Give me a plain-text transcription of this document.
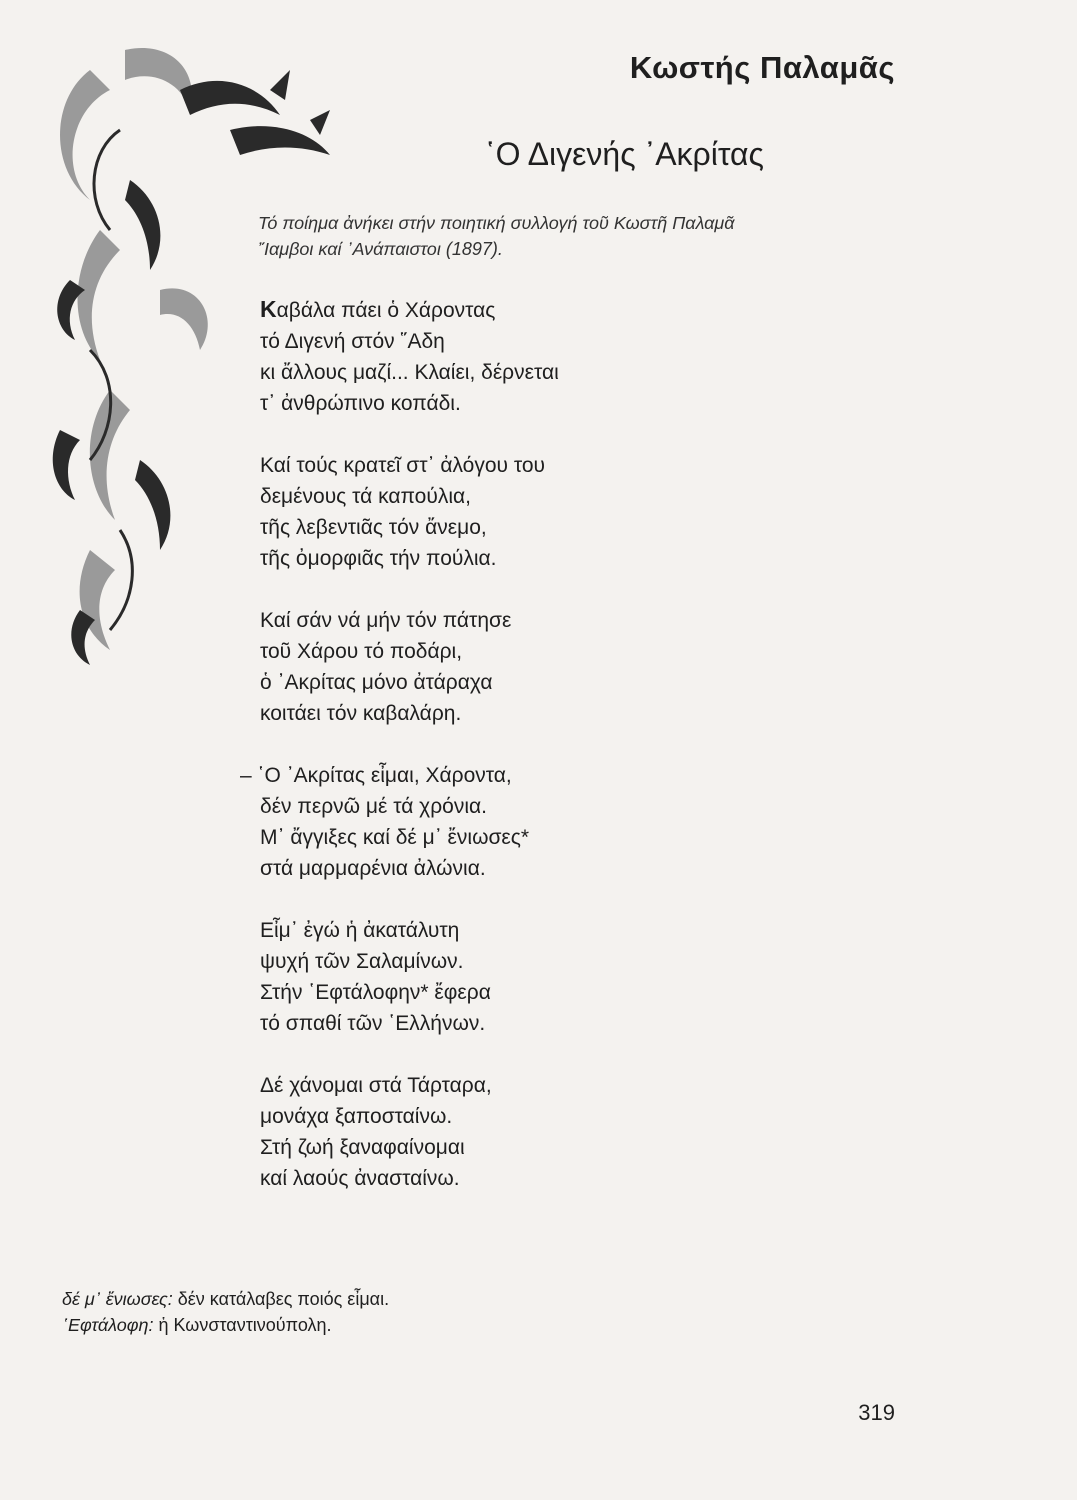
Κωστής Παλαμᾶς
῾Ο Διγενής ᾽Ακρίτας
Τό ποίημα ἀνήκει στήν ποιητική συλλογή τοῦ Κωστῆ Παλαμᾶ
῎Ιαμβοι καί ᾽Ανάπαιστοι (1897).
Καβάλα πάει ὁ Χάροντας
τό Διγενή στόν ῞Αδη
κι ἄλλους μαζί... Κλαίει, δέρνεται
τ᾽ ἀνθρώπινο κοπάδι.
Καί τούς κρατεῖ στ᾽ ἀλόγου του
δεμένους τά καπούλια,
τῆς λεβεντιᾶς τόν ἄνεμο,
τῆς ὀμορφιᾶς τήν πούλια.
Καί σάν νά μήν τόν πάτησε
τοῦ Χάρου τό ποδάρι,
ὁ ᾽Ακρίτας μόνο ἀτάραχα
κοιτάει τόν καβαλάρη.
– ῾Ο ᾽Ακρίτας εἶμαι, Χάροντα,
δέν περνῶ μέ τά χρόνια.
Μ᾽ ἄγγιξες καί δέ μ᾽ ἔνιωσες*
στά μαρμαρένια ἀλώνια.
Εἶμ᾽ ἐγώ ἡ ἀκατάλυτη
ψυχή τῶν Σαλαμίνων.
Στήν ῾Εφτάλοφην* ἔφερα
τό σπαθί τῶν ῾Ελλήνων.
Δέ χάνομαι στά Τάρταρα,
μονάχα ξαποσταίνω.
Στή ζωή ξαναφαίνομαι
καί λαούς ἀνασταίνω.
δέ μ᾽ ἔνιωσες: δέν κατάλαβες ποιός εἶμαι.
῾Εφτάλοφη: ἡ Κωνσταντινούπολη.
319
